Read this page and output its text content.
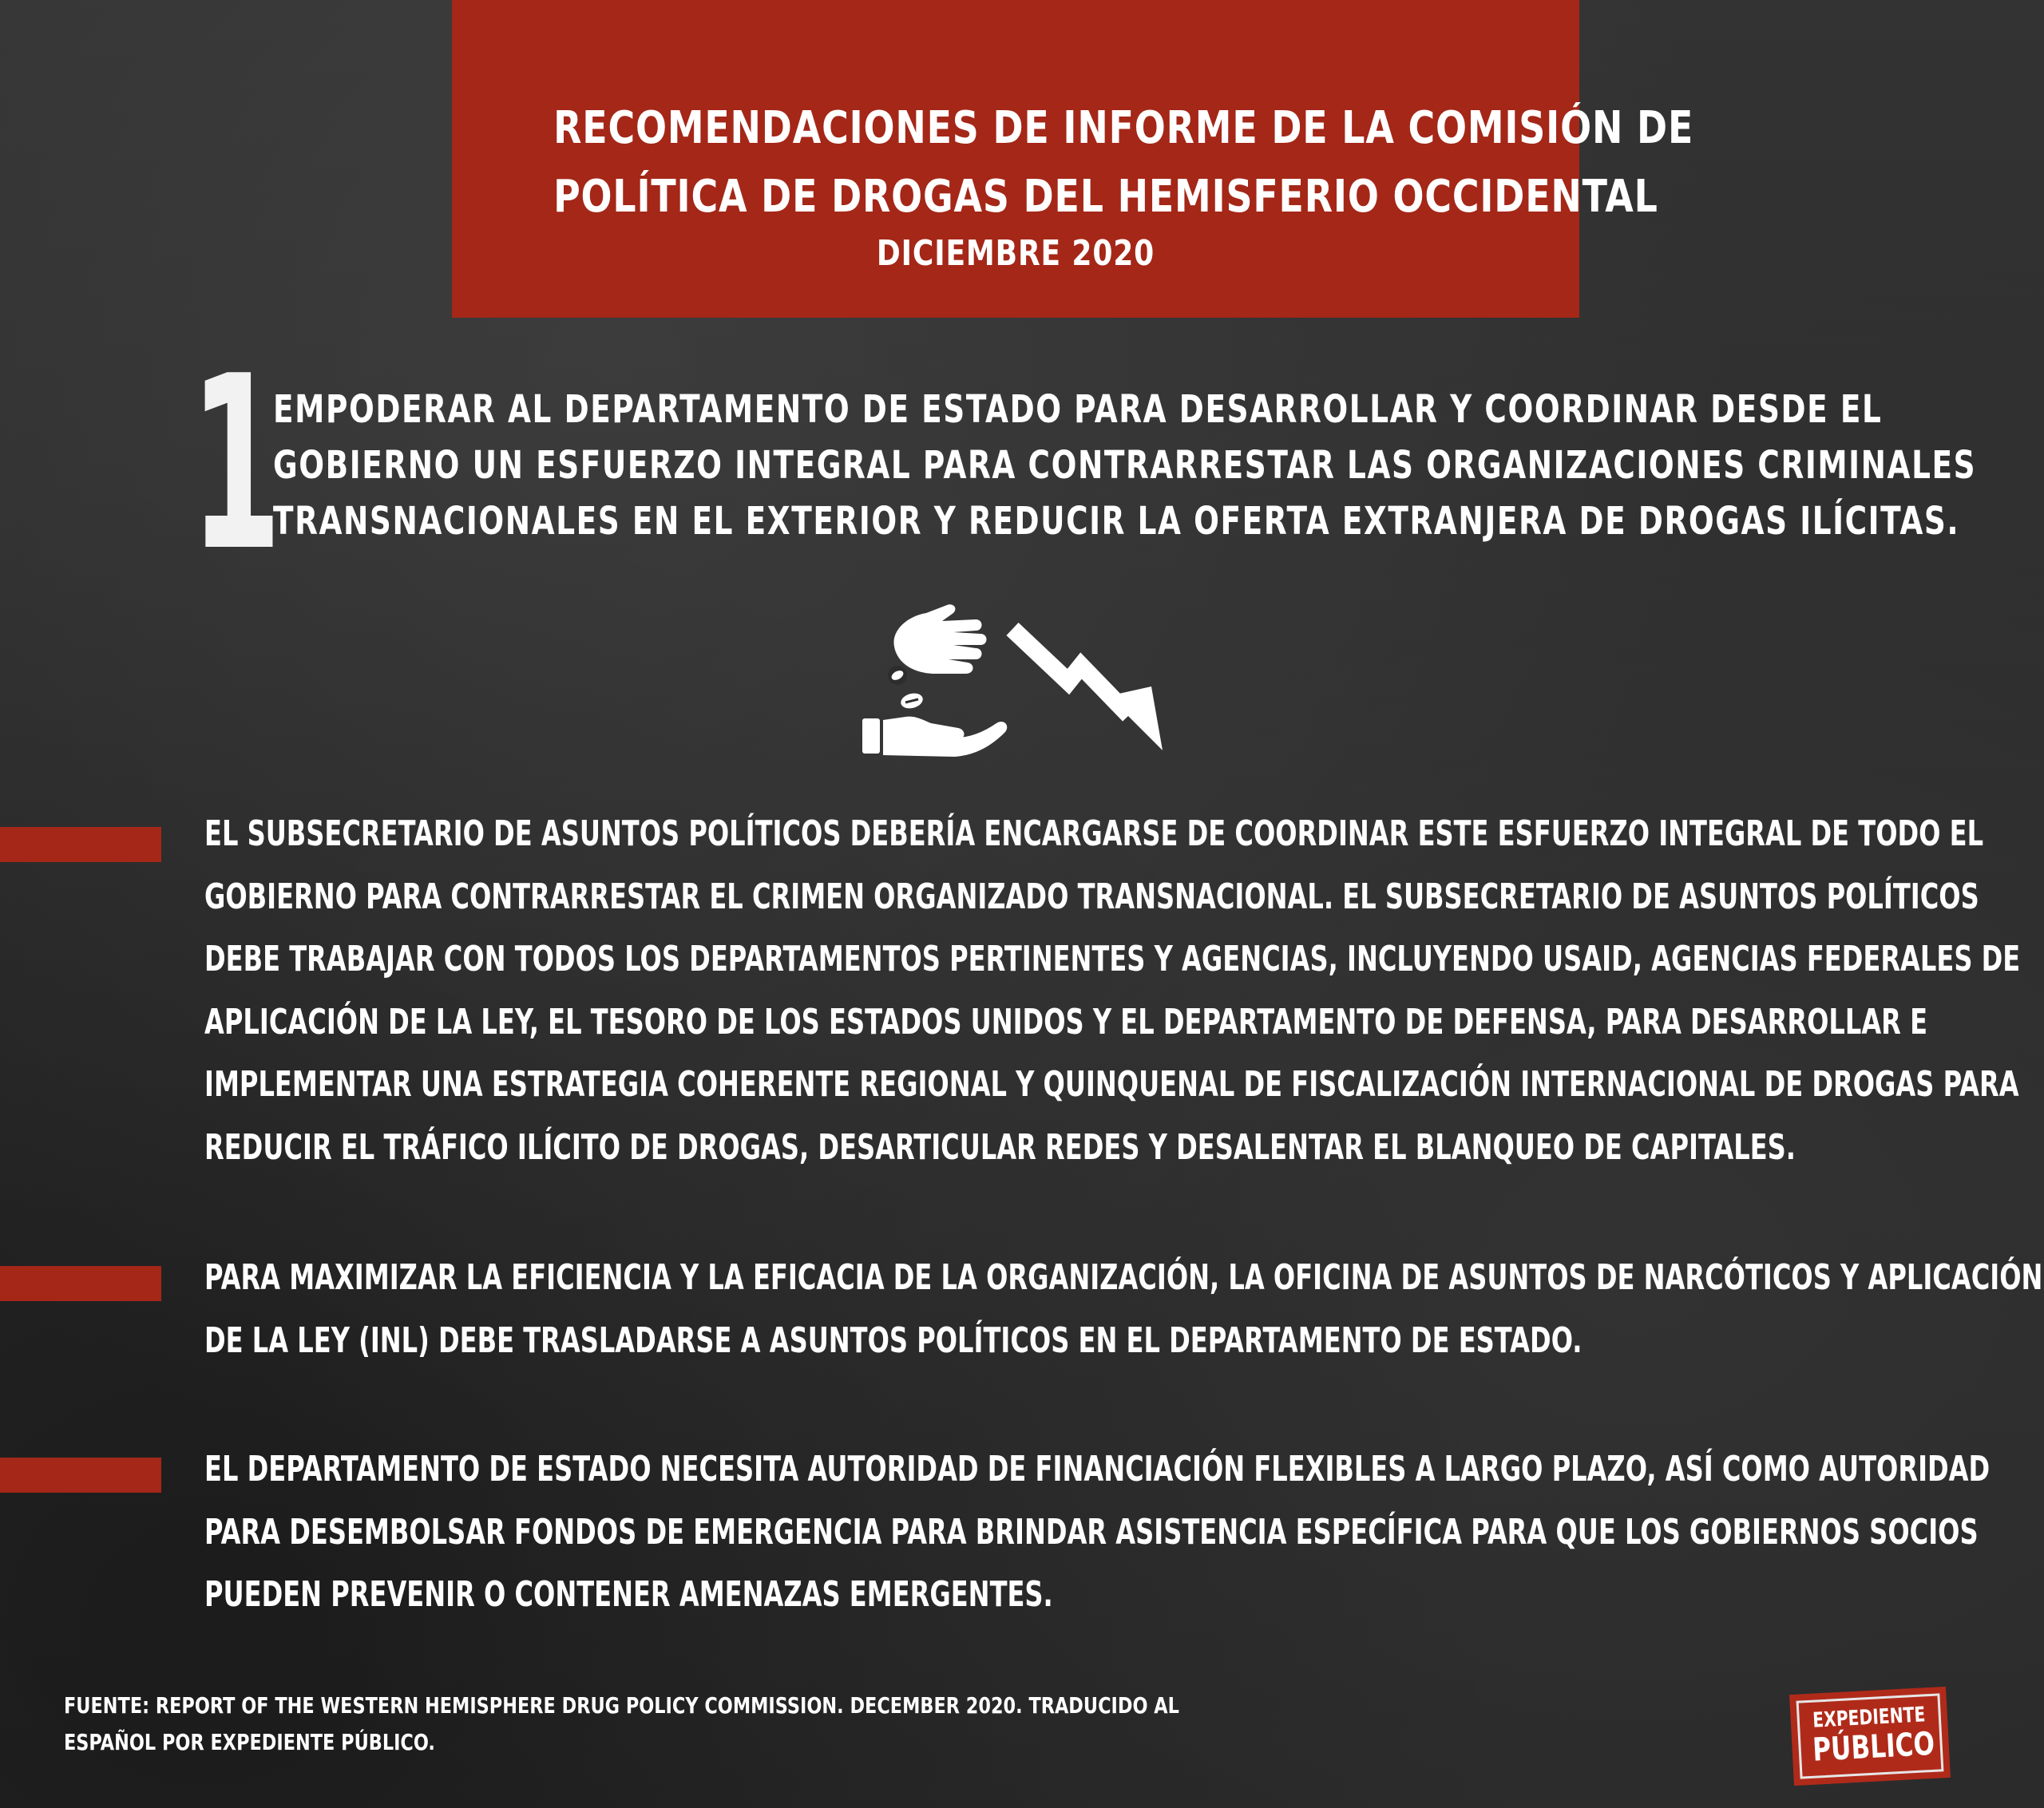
RECOMENDACIONES DE INFORME DE LA COMISIÓN DE
POLÍTICA DE DROGAS DEL HEMISFERIO OCCIDENTAL
DICIEMBRE 2020
1
EMPODERAR AL DEPARTAMENTO DE ESTADO PARA DESARROLLAR Y COORDINAR DESDE EL
GOBIERNO UN ESFUERZO INTEGRAL PARA CONTRARRESTAR LAS ORGANIZACIONES CRIMINALES
TRANSNACIONALES EN EL EXTERIOR Y REDUCIR LA OFERTA EXTRANJERA DE DROGAS ILÍCITAS.
EL SUBSECRETARIO DE ASUNTOS POLÍTICOS DEBERÍA ENCARGARSE DE COORDINAR ESTE ESFUERZO INTEGRAL DE TODO EL
GOBIERNO PARA CONTRARRESTAR EL CRIMEN ORGANIZADO TRANSNACIONAL. EL SUBSECRETARIO DE ASUNTOS POLÍTICOS
DEBE TRABAJAR CON TODOS LOS DEPARTAMENTOS PERTINENTES Y AGENCIAS, INCLUYENDO USAID, AGENCIAS FEDERALES DE
APLICACIÓN DE LA LEY, EL TESORO DE LOS ESTADOS UNIDOS Y EL DEPARTAMENTO DE DEFENSA, PARA DESARROLLAR E
IMPLEMENTAR UNA ESTRATEGIA COHERENTE REGIONAL Y QUINQUENAL DE FISCALIZACIÓN INTERNACIONAL DE DROGAS PARA
REDUCIR EL TRÁFICO ILÍCITO DE DROGAS, DESARTICULAR REDES Y DESALENTAR EL BLANQUEO DE CAPITALES.
PARA MAXIMIZAR LA EFICIENCIA Y LA EFICACIA DE LA ORGANIZACIÓN, LA OFICINA DE ASUNTOS DE NARCÓTICOS Y APLICACIÓN
DE LA LEY (INL) DEBE TRASLADARSE A ASUNTOS POLÍTICOS EN EL DEPARTAMENTO DE ESTADO.
EL DEPARTAMENTO DE ESTADO NECESITA AUTORIDAD DE FINANCIACIÓN FLEXIBLES A LARGO PLAZO, ASÍ COMO AUTORIDAD
PARA DESEMBOLSAR FONDOS DE EMERGENCIA PARA BRINDAR ASISTENCIA ESPECÍFICA PARA QUE LOS GOBIERNOS SOCIOS
PUEDEN PREVENIR O CONTENER AMENAZAS EMERGENTES.
FUENTE: REPORT OF THE WESTERN HEMISPHERE DRUG POLICY COMMISSION. DECEMBER 2020. TRADUCIDO AL
ESPAÑOL POR EXPEDIENTE PÚBLICO.
EXPEDIENTE
PÚBLICO
